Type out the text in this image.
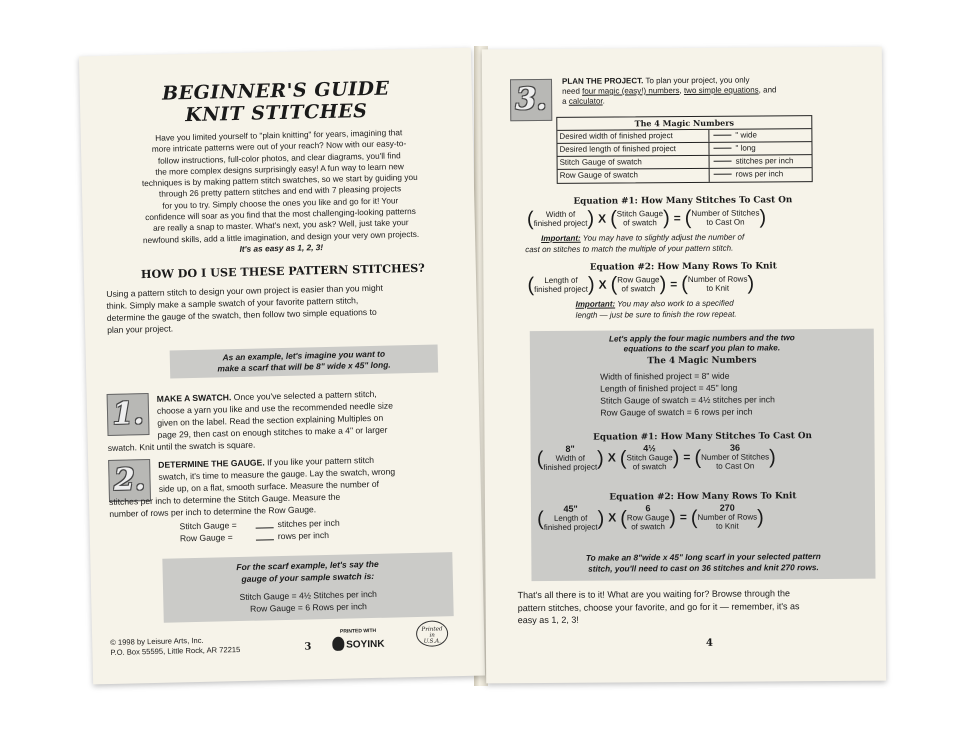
BEGINNER'S GUIDE
KNIT STITCHES
Have you limited yourself to "plain knitting" for years, imagining that
more intricate patterns were out of your reach? Now with our easy-to-
follow instructions, full-color photos, and clear diagrams, you'll find
the more complex designs surprisingly easy! A fun way to learn new
techniques is by making pattern stitch swatches, so we start by guiding you
through 26 pretty pattern stitches and end with 7 pleasing projects
for you to try. Simply choose the ones you like and go for it! Your
confidence will soar as you find that the most challenging-looking patterns
are really a snap to master. What's next, you ask? Well, just take your
newfound skills, add a little imagination, and design your very own projects.
It's as easy as 1, 2, 3!
HOW DO I USE THESE PATTERN STITCHES?
Using a pattern stitch to design your own project is easier than you might
think. Simply make a sample swatch of your favorite pattern stitch,
determine the gauge of the swatch, then follow two simple equations to
plan your project.
As an example, let's imagine you want to
make a scarf that will be 8" wide x 45" long.
1.	MAKE A SWATCH. Once you've selected a pattern stitch,
choose a yarn you like and use the recommended needle size
given on the label. Read the section explaining Multiples on
page 29, then cast on enough stitches to make a 4" or larger
swatch. Knit until the swatch is square.
2.	DETERMINE THE GAUGE. If you like your pattern stitch
swatch, it's time to measure the gauge. Lay the swatch, wrong
side up, on a flat, smooth surface. Measure the number of
stitches per inch to determine the Stitch Gauge. Measure the
number of rows per inch to determine the Row Gauge.
Stitch Gauge =	stitches per inch
Row Gauge =	rows per inch
For the scarf example, let's say the
gauge of your sample swatch is:
Stitch Gauge = 4½ Stitches per inch
Row Gauge = 6 Rows per inch
© 1998 by Leisure Arts, Inc.
P.O. Box 55595, Little Rock, AR 72215	3
PRINTED WITH
SOYINK
Printed
in
U.S.A.
3.
PLAN THE PROJECT. To plan your project, you only
need four magic (easy!) numbers, two simple equations, and
a calculator.
The 4 Magic Numbers
Desired width of finished project	" wide
Desired length of finished project	" long
Stitch Gauge of swatch	stitches per inch
Row Gauge of swatch	rows per inch
Equation #1: How Many Stitches To Cast On
(	Width of
finished project ) X ( Stitch Gauge
of swatch ) = ( Number of Stitches
to Cast On )
Important: You may have to slightly adjust the number of
cast on stitches to match the multiple of your pattern stitch.
Equation #2: How Many Rows To Knit
(	Length of
finished project ) X ( Row Gauge
of swatch ) = ( Number of Rows
to Knit )
Important: You may also work to a specified
length — just be sure to finish the row repeat.
Let's apply the four magic numbers and the two
equations to the scarf you plan to make.
The 4 Magic Numbers
Width of finished project = 8" wide
Length of finished project = 45" long
Stitch Gauge of swatch = 4½ stitches per inch
Row Gauge of swatch = 6 rows per inch
Equation #1: How Many Stitches To Cast On
(	8"
Width of
finished project ) X (	4½
Stitch Gauge
of swatch ) = (	36
Number of Stitches
to Cast On )
Equation #2: How Many Rows To Knit
(	45"
Length of
finished project ) X (	6
Row Gauge
of swatch ) = (	270
Number of Rows
to Knit )
To make an 8"wide x 45" long scarf in your selected pattern
stitch, you'll need to cast on 36 stitches and knit 270 rows.
That's all there is to it! What are you waiting for? Browse through the
pattern stitches, choose your favorite, and go for it — remember, it's as
easy as 1, 2, 3!
4
